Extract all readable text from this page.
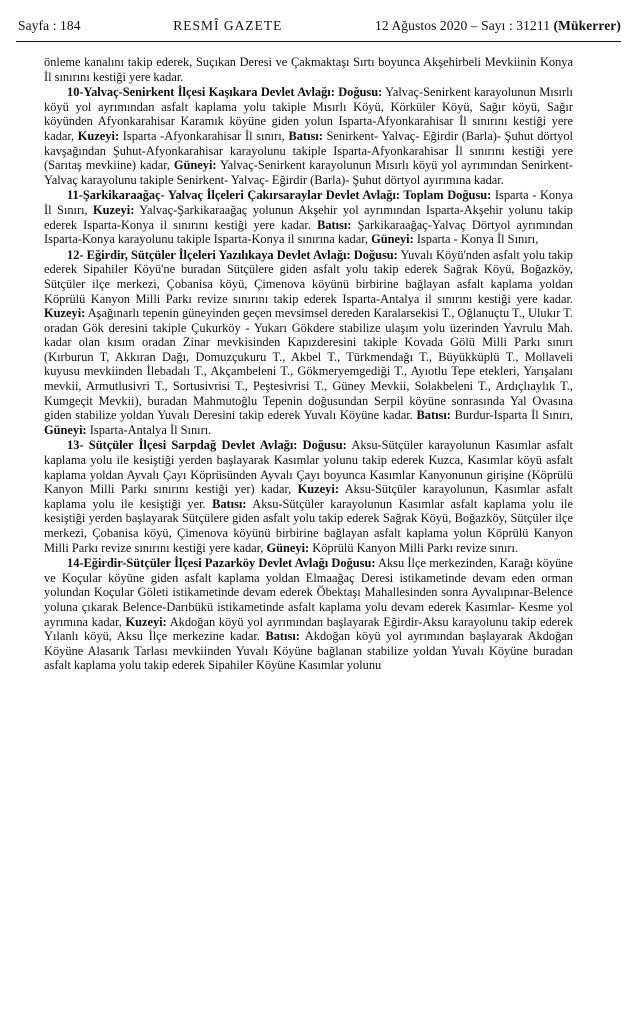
Sayfa : 184	RESMÎ GAZETE	12 Ağustos 2020 – Sayı : 31211 (Mükerrer)

önleme kanalını takip ederek, Suçıkan Deresi ve Çakmaktaşı Sırtı boyunca Akşehirbeli Mevkiinin Konya İl sınırını kestiği yere kadar.

10-Yalvaç-Senirkent İlçesi Kaşıkara Devlet Avlağı: Doğusu: Yalvaç-Senirkent karayolunun Mısırlı köyü yol ayrımından asfalt kaplama yolu takiple Mısırlı Köyü, Körküler Köyü, Sağır köyü, Sağır köyünden Afyonkarahisar Karamık köyüne giden yolun Isparta-Afyonkarahisar İl sınırını kestiği yere kadar, Kuzeyi: Isparta -Afyonkarahisar İl sınırı, Batısı: Senirkent- Yalvaç- Eğirdir (Barla)- Şuhut dörtyol kavşağından Şuhut-Afyonkarahisar karayolunu takiple Isparta-Afyonkarahisar İl sınırını kestiği yere (Sarıtaş mevkiine) kadar, Güneyi: Yalvaç-Senirkent karayolunun Mısırlı köyü yol ayrımından Senirkent-Yalvaç karayolunu takiple Senirkent- Yalvaç- Eğirdir (Barla)- Şuhut dörtyol ayırımına kadar.

11-Şarkikaraağaç- Yalvaç İlçeleri Çakırsaraylar Devlet Avlağı: Toplam Doğusu: Isparta - Konya İl Sınırı, Kuzeyi: Yalvaç-Şarkikaraağaç yolunun Akşehir yol ayrımından Isparta-Akşehir yolunu takip ederek Isparta-Konya il sınırını kestiği yere kadar. Batısı: Şarkikaraağaç-Yalvaç Dörtyol ayrımından Isparta-Konya karayolunu takiple Isparta-Konya il sınırına kadar, Güneyi: Isparta - Konya İl Sınırı,

12- Eğirdir, Sütçüler İlçeleri Yazılıkaya Devlet Avlağı: Doğusu: Yuvalı Köyü'nden asfalt yolu takip ederek Sipahiler Köyü'ne buradan Sütçülere giden asfalt yolu takip ederek Sağrak Köyü, Boğazköy, Sütçüler ilçe merkezi, Çobanisa köyü, Çimenova köyünü birbirine bağlayan asfalt kaplama yoldan Köprülü Kanyon Milli Parkı revize sınırını takip ederek Isparta-Antalya il sınırını kestiği yere kadar. Kuzeyi: Aşağınarlı tepenin güneyinden geçen mevsimsel dereden Karalarsekisi T., Oğlanuçtu T., Ulukır T. oradan Gök deresini takiple Çukurköy - Yukarı Gökdere stabilize ulaşım yolu üzerinden Yavrulu Mah. kadar olan kısım oradan Zinar mevkisinden Kapızderesini takiple Kovada Gölü Milli Parkı sınırı (Kırburun T, Akkıran Dağı, Domuzçukuru T., Akbel T., Türkmendağı T., Büyükküplü T., Mollaveli kuyusu mevkiinden İlebadalı T., Akçambeleni T., Gökmeryemgediği T., Ayıotlu Tepe etekleri, Yarışalanı mevkii, Armutlusivri T., Sortusivrisi T., Peştesivrisi T., Güney Mevkii, Solakbeleni T., Ardıçlıaylık T., Kumgeçit Mevkii), buradan Mahmutoğlu Tepenin doğusundan Serpil köyüne sonrasında Yal Ovasına giden stabilize yoldan Yuvalı Deresini takip ederek Yuvalı Köyüne kadar. Batısı: Burdur-Isparta İl Sınırı, Güneyi: Isparta-Antalya İl Sınırı.

13- Sütçüler İlçesi Sarpdağ Devlet Avlağı: Doğusu: Aksu-Sütçüler karayolunun Kasımlar asfalt kaplama yolu ile kesiştiği yerden başlayarak Kasımlar yolunu takip ederek Kuzca, Kasımlar köyü asfalt kaplama yoldan Ayvalı Çayı Köprüsünden Ayvalı Çayı boyunca Kasımlar Kanyonunun girişine (Köprülü Kanyon Milli Parkı sınırını kestiği yer) kadar, Kuzeyi: Aksu-Sütçüler karayolunun, Kasımlar asfalt kaplama yolu ile kesiştiği yer. Batısı: Aksu-Sütçüler karayolunun Kasımlar asfalt kaplama yolu ile kesiştiği yerden başlayarak Sütçülere giden asfalt yolu takip ederek Sağrak Köyü, Boğazköy, Sütçüler ilçe merkezi, Çobanisa köyü, Çimenova köyünü birbirine bağlayan asfalt kaplama yolun Köprülü Kanyon Milli Parkı revize sınırını kestiği yere kadar, Güneyi: Köprülü Kanyon Milli Parkı revize sınırı.

14-Eğirdir-Sütçüler İlçesi Pazarköy Devlet Avlağı Doğusu: Aksu İlçe merkezinden, Karağı köyüne ve Koçular köyüne giden asfalt kaplama yoldan Elmaağaç Deresi istikametinde devam eden orman yolundan Koçular Göleti istikametinde devam ederek Öbektaşı Mahallesinden sonra Ayvalıpınar-Belence yoluna çıkarak Belence-Darıbükü istikametinde asfalt kaplama yolu devam ederek Kasımlar- Kesme yol ayrımına kadar, Kuzeyi: Akdoğan köyü yol ayrımından başlayarak Eğirdir-Aksu karayolunu takip ederek Yılanlı köyü, Aksu İlçe merkezine kadar. Batısı: Akdoğan köyü yol ayrımından başlayarak Akdoğan Köyüne Alasarık Tarlası mevkiinden Yuvalı Köyüne bağlanan stabilize yoldan Yuvalı Köyüne buradan asfalt kaplama yolu takip ederek Sipahiler Köyüne Kasımlar yolunu
